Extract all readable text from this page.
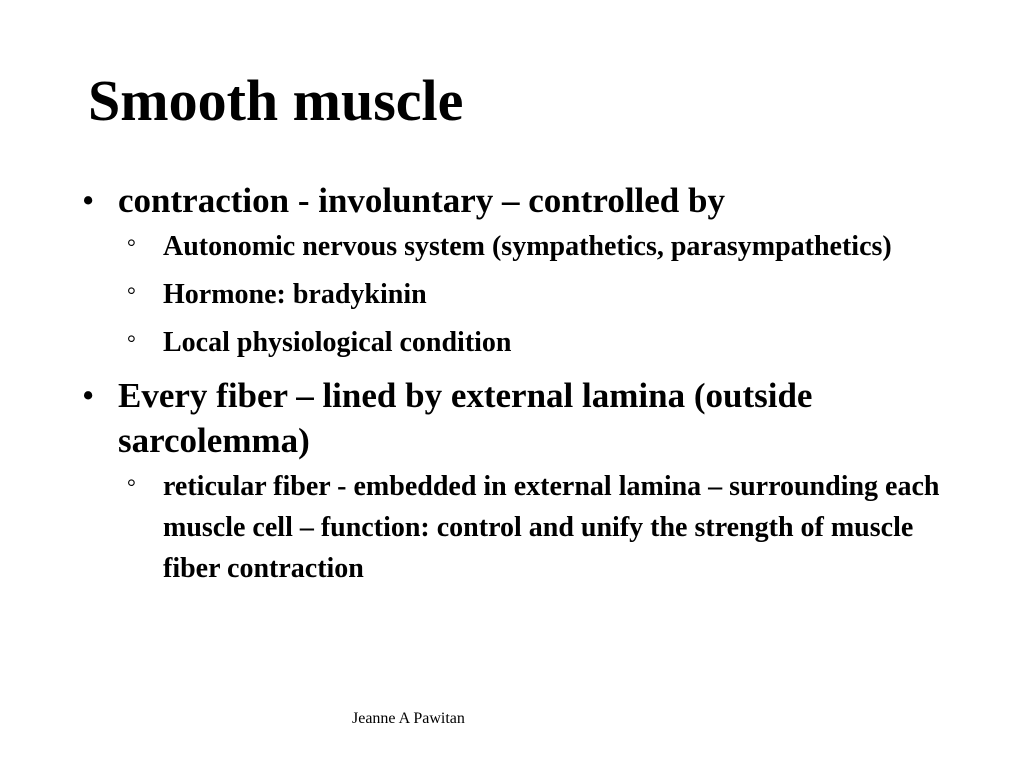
Smooth muscle
• contraction - involuntary – controlled by
° Autonomic nervous system (sympathetics, parasympathetics)
° Hormone: bradykinin
° Local physiological condition
• Every fiber – lined by external lamina (outside sarcolemma)
° reticular fiber - embedded in external lamina – surrounding each muscle cell – function: control and unify the strength of muscle fiber contraction
Jeanne A Pawitan
